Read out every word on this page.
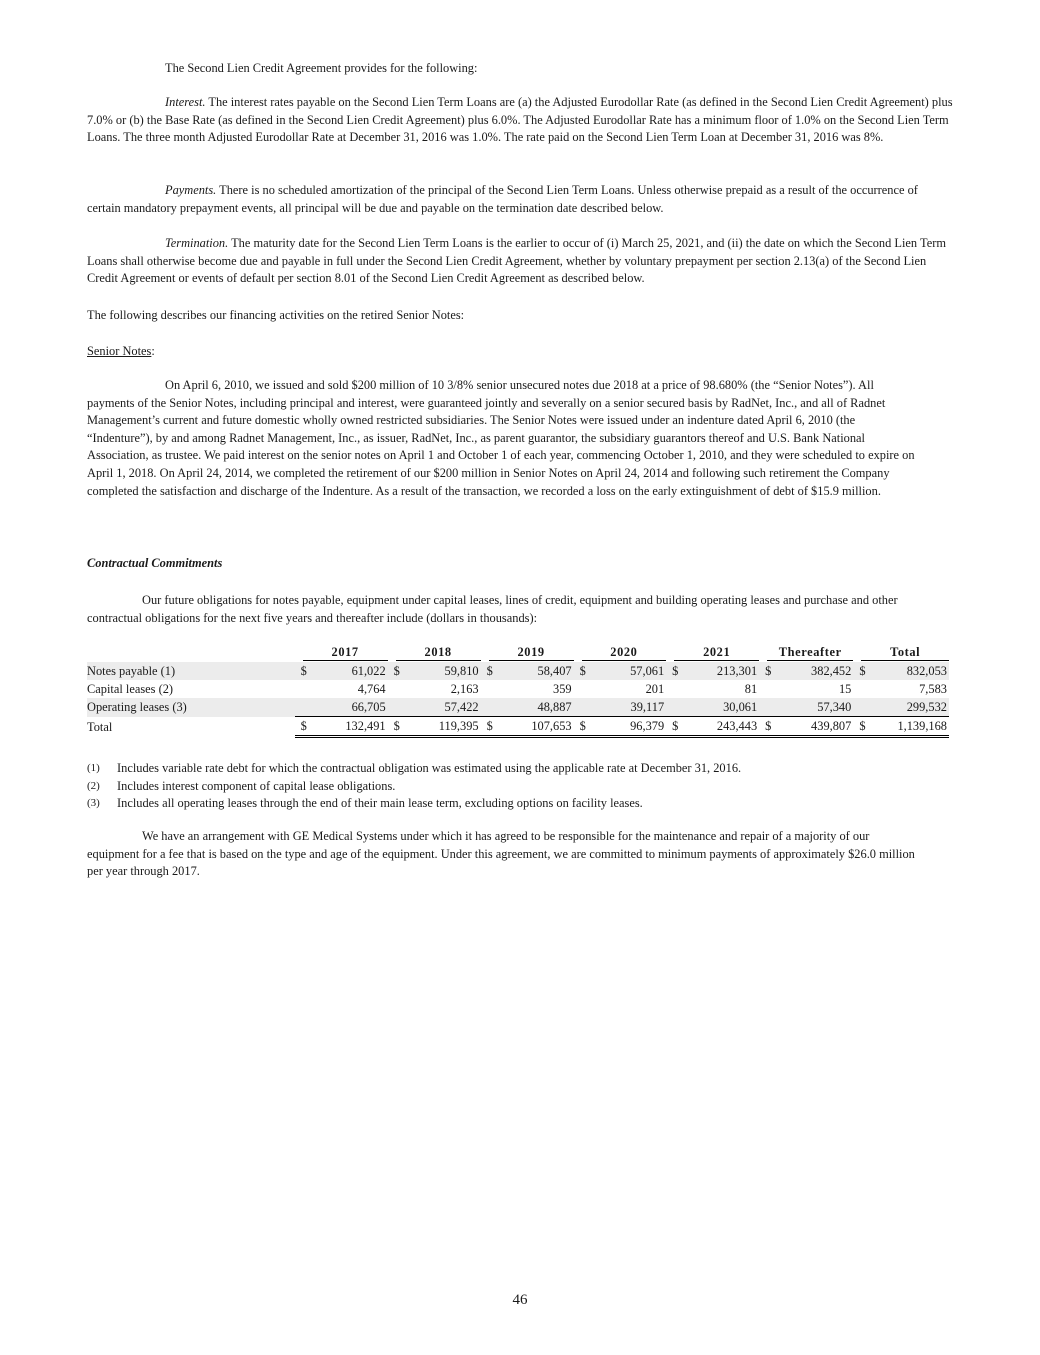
The Second Lien Credit Agreement provides for the following:

Interest. The interest rates payable on the Second Lien Term Loans are (a) the Adjusted Eurodollar Rate (as defined in the Second Lien Credit Agreement) plus 7.0% or (b) the Base Rate (as defined in the Second Lien Credit Agreement) plus 6.0%. The Adjusted Eurodollar Rate has a minimum floor of 1.0% on the Second Lien Term Loans. The three month Adjusted Eurodollar Rate at December 31, 2016 was 1.0%. The rate paid on the Second Lien Term Loan at December 31, 2016 was 8%.

Payments. There is no scheduled amortization of the principal of the Second Lien Term Loans. Unless otherwise prepaid as a result of the occurrence of certain mandatory prepayment events, all principal will be due and payable on the termination date described below.

Termination. The maturity date for the Second Lien Term Loans is the earlier to occur of (i) March 25, 2021, and (ii) the date on which the Second Lien Term Loans shall otherwise become due and payable in full under the Second Lien Credit Agreement, whether by voluntary prepayment per section 2.13(a) of the Second Lien Credit Agreement or events of default per section 8.01 of the Second Lien Credit Agreement as described below.

The following describes our financing activities on the retired Senior Notes:

Senior Notes:

On April 6, 2010, we issued and sold $200 million of 10 3/8% senior unsecured notes due 2018 at a price of 98.680% (the “Senior Notes”). All payments of the Senior Notes, including principal and interest, were guaranteed jointly and severally on a senior secured basis by RadNet, Inc., and all of Radnet Management’s current and future domestic wholly owned restricted subsidiaries. The Senior Notes were issued under an indenture dated April 6, 2010 (the “Indenture”), by and among Radnet Management, Inc., as issuer, RadNet, Inc., as parent guarantor, the subsidiary guarantors thereof and U.S. Bank National Association, as trustee. We paid interest on the senior notes on April 1 and October 1 of each year, commencing October 1, 2010, and they were scheduled to expire on April 1, 2018. On April 24, 2014, we completed the retirement of our $200 million in Senior Notes on April 24, 2014 and following such retirement the Company completed the satisfaction and discharge of the Indenture. As a result of the transaction, we recorded a loss on the early extinguishment of debt of $15.9 million.

Contractual Commitments

Our future obligations for notes payable, equipment under capital leases, lines of credit, equipment and building operating leases and purchase and other contractual obligations for the next five years and thereafter include (dollars in thousands):

We have an arrangement with GE Medical Systems under which it has agreed to be responsible for the maintenance and repair of a majority of our equipment for a fee that is based on the type and age of the equipment. Under this agreement, we are committed to minimum payments of approximately $26.0 million per year through 2017.

	2017		2018		2019		2020		2021		Thereafter		Total	

Notes payable (1)	$	61,022	$	59,810	$	58,407	$	57,061	$	213,301	$	382,452	$	832,053
Capital leases (2)		4,764		2,163		359		201		81		15		7,583
Operating leases (3)		66,705		57,422		48,887		39,117		30,061		57,340		299,532
Total	$	132,491	$	119,395	$	107,653	$	96,379	$	243,443	$	439,807	$	1,139,168
(1)	Includes variable rate debt for which the contractual obligation was estimated using the applicable rate at December 31, 2016.
(2)	Includes interest component of capital lease obligations.
(3)	Includes all operating leases through the end of their main lease term, excluding options on facility leases.
46
